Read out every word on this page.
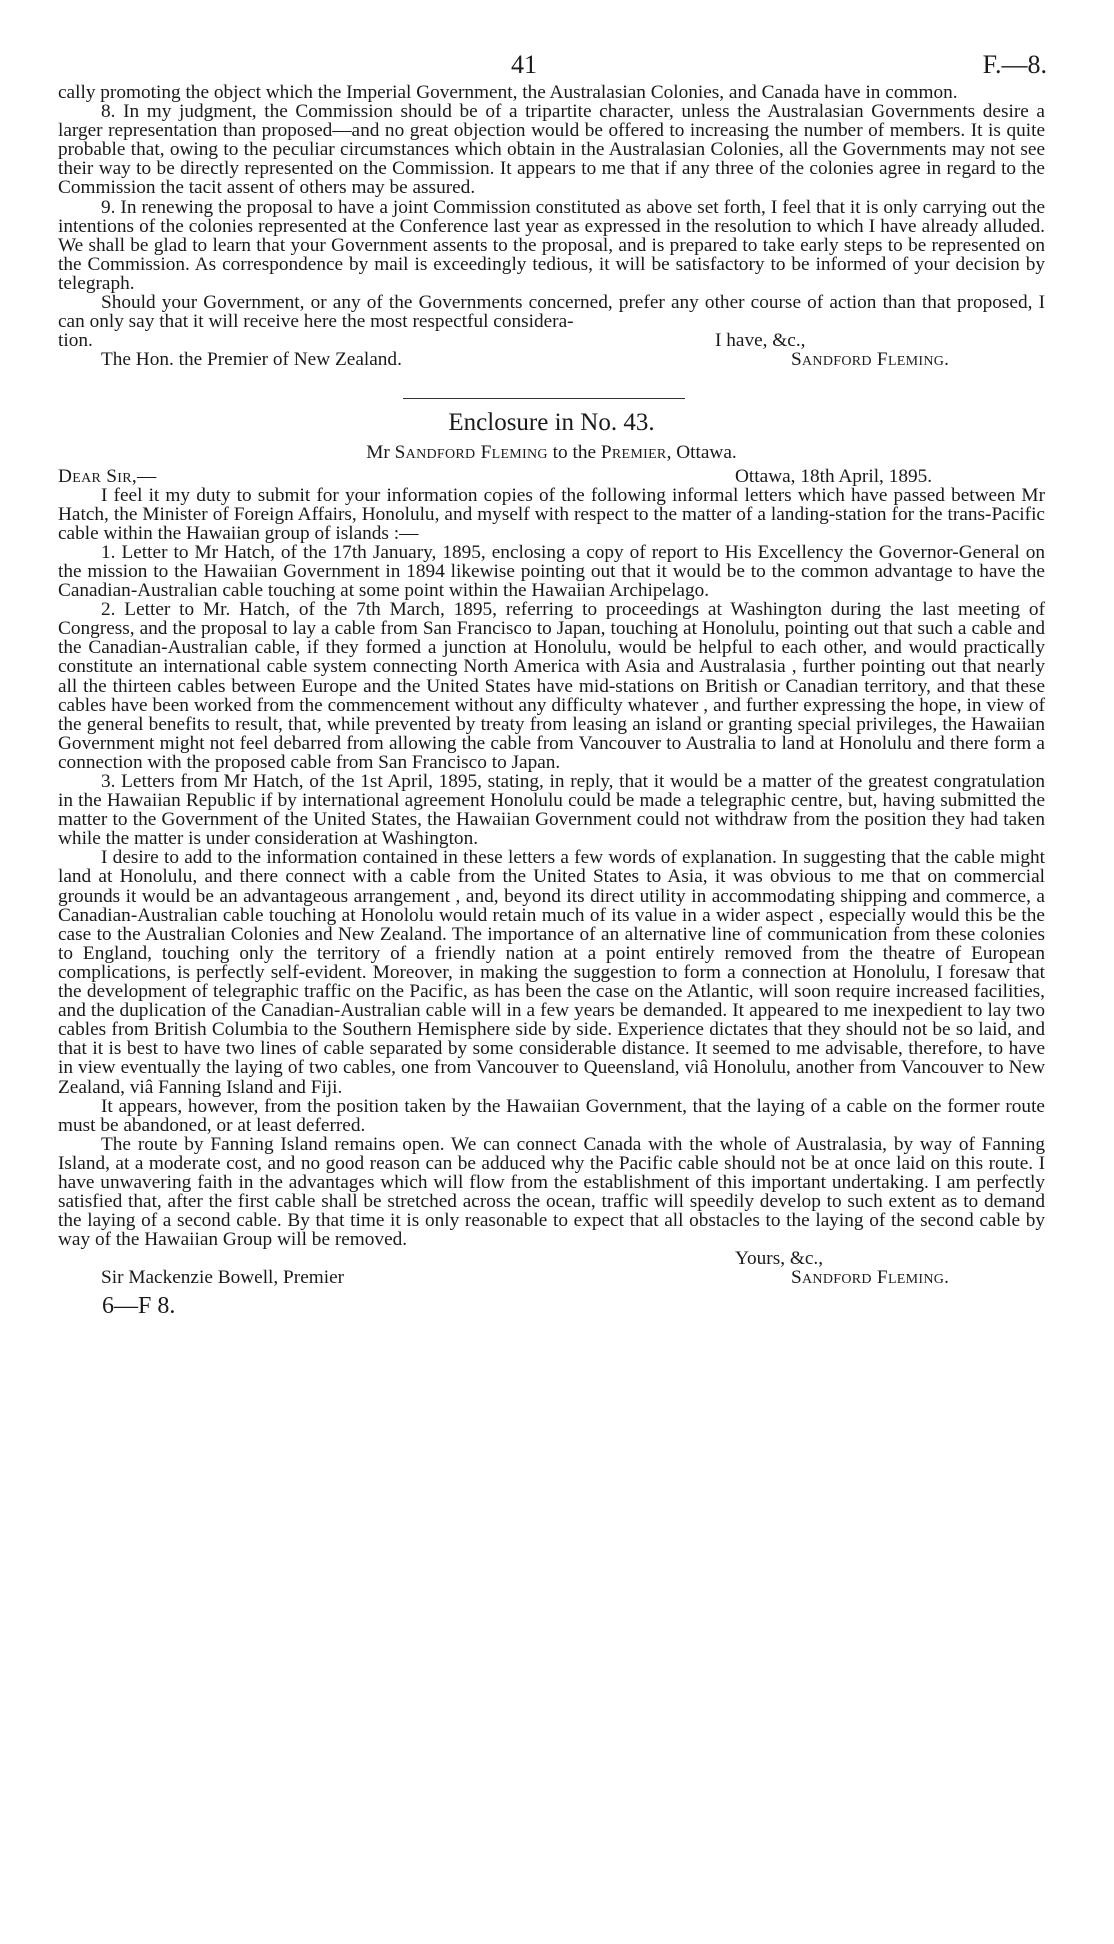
41	F.—8.

cally promoting the object which the Imperial Government, the Australasian Colonies, and Canada have in common.

8. In my judgment, the Commission should be of a tripartite character, unless the Australasian Governments desire a larger representation than proposed—and no great objection would be offered to increasing the number of members. It is quite probable that, owing to the peculiar circumstances which obtain in the Australasian Colonies, all the Governments may not see their way to be directly represented on the Commission. It appears to me that if any three of the colonies agree in regard to the Commission the tacit assent of others may be assured.

9. In renewing the proposal to have a joint Commission constituted as above set forth, I feel that it is only carrying out the intentions of the colonies represented at the Conference last year as expressed in the resolution to which I have already alluded. We shall be glad to learn that your Government assents to the proposal, and is prepared to take early steps to be represented on the Commission. As correspondence by mail is exceedingly tedious, it will be satisfactory to be informed of your decision by telegraph.

Should your Government, or any of the Governments concerned, prefer any other course of action than that proposed, I can only say that it will receive here the most respectful considera-

tion.	I have, &c.,
The Hon. the Premier of New Zealand.	Sandford Fleming.
Enclosure in No. 43.
Mr Sandford Fleming to the Premier, Ottawa.
Dear Sir,—	Ottawa, 18th April, 1895.

I feel it my duty to submit for your information copies of the following informal letters which have passed between Mr Hatch, the Minister of Foreign Affairs, Honolulu, and myself with respect to the matter of a landing-station for the trans-Pacific cable within the Hawaiian group of islands :—

1. Letter to Mr Hatch, of the 17th January, 1895, enclosing a copy of report to His Excellency the Governor-General on the mission to the Hawaiian Government in 1894 likewise pointing out that it would be to the common advantage to have the Canadian-Australian cable touching at some point within the Hawaiian Archipelago.

2. Letter to Mr. Hatch, of the 7th March, 1895, referring to proceedings at Washington during the last meeting of Congress, and the proposal to lay a cable from San Francisco to Japan, touching at Honolulu, pointing out that such a cable and the Canadian-Australian cable, if they formed a junction at Honolulu, would be helpful to each other, and would practically constitute an international cable system connecting North America with Asia and Australasia , further pointing out that nearly all the thirteen cables between Europe and the United States have mid-stations on British or Canadian territory, and that these cables have been worked from the commencement without any difficulty whatever , and further expressing the hope, in view of the general benefits to result, that, while prevented by treaty from leasing an island or granting special privileges, the Hawaiian Government might not feel debarred from allowing the cable from Vancouver to Australia to land at Honolulu and there form a connection with the proposed cable from San Francisco to Japan.

3. Letters from Mr Hatch, of the 1st April, 1895, stating, in reply, that it would be a matter of the greatest congratulation in the Hawaiian Republic if by international agreement Honolulu could be made a telegraphic centre, but, having submitted the matter to the Government of the United States, the Hawaiian Government could not withdraw from the position they had taken while the matter is under consideration at Washington.

I desire to add to the information contained in these letters a few words of explanation. In suggesting that the cable might land at Honolulu, and there connect with a cable from the United States to Asia, it was obvious to me that on commercial grounds it would be an advantageous arrangement , and, beyond its direct utility in accommodating shipping and commerce, a Canadian-Australian cable touching at Honololu would retain much of its value in a wider aspect , especially would this be the case to the Australian Colonies and New Zealand. The importance of an alternative line of communication from these colonies to England, touching only the territory of a friendly nation at a point entirely removed from the theatre of European complications, is perfectly self-evident. Moreover, in making the suggestion to form a connection at Honolulu, I foresaw that the development of telegraphic traffic on the Pacific, as has been the case on the Atlantic, will soon require increased facilities, and the duplication of the Canadian-Australian cable will in a few years be demanded. It appeared to me inexpedient to lay two cables from British Columbia to the Southern Hemisphere side by side. Experience dictates that they should not be so laid, and that it is best to have two lines of cable separated by some considerable distance. It seemed to me advisable, therefore, to have in view eventually the laying of two cables, one from Vancouver to Queensland, viâ Honolulu, another from Vancouver to New Zealand, viâ Fanning Island and Fiji.

It appears, however, from the position taken by the Hawaiian Government, that the laying of a cable on the former route must be abandoned, or at least deferred.

The route by Fanning Island remains open. We can connect Canada with the whole of Australasia, by way of Fanning Island, at a moderate cost, and no good reason can be adduced why the Pacific cable should not be at once laid on this route. I have unwavering faith in the advantages which will flow from the establishment of this important undertaking. I am perfectly satisfied that, after the first cable shall be stretched across the ocean, traffic will speedily develop to such extent as to demand the laying of a second cable. By that time it is only reasonable to expect that all obstacles to the laying of the second cable by way of the Hawaiian Group will be removed.

Yours, &c.,
Sir Mackenzie Bowell, Premier	Sandford Fleming.
6—F 8.
